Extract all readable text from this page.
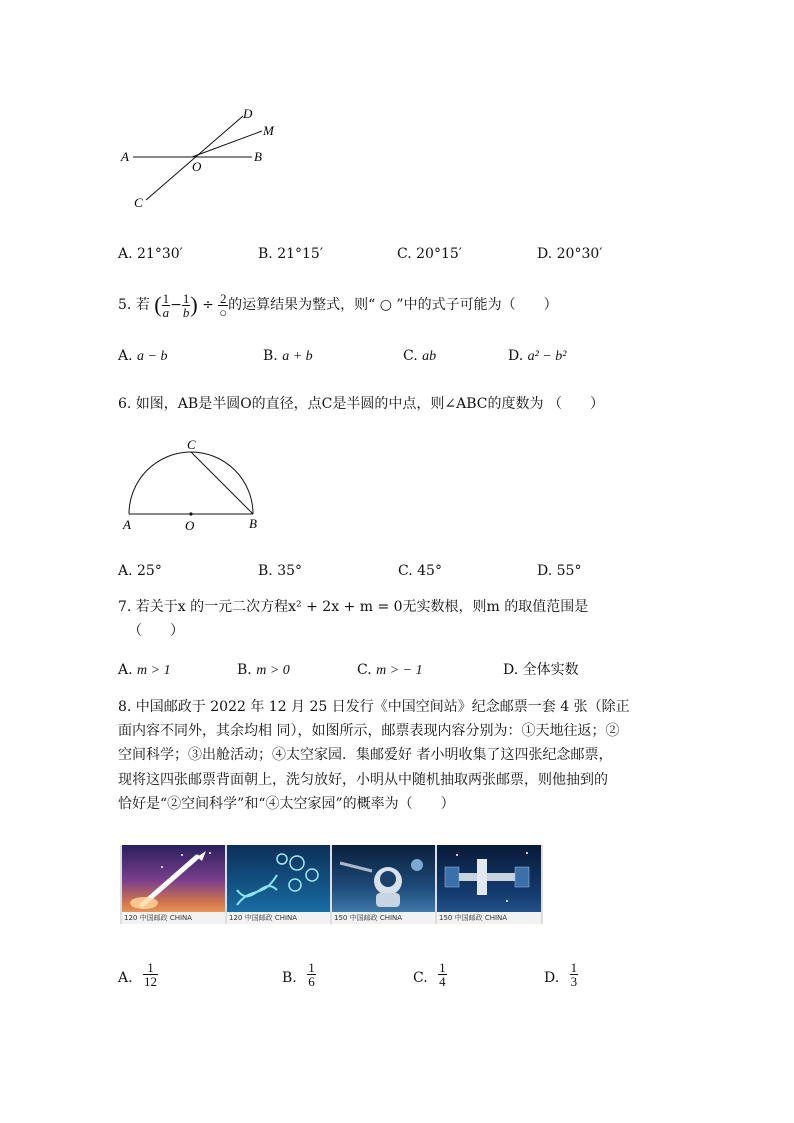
D
M
A
O
B
C
A. 21°30′	B. 21°15′	C. 20°15′	D. 20°30′
5. 若 ( $\frac{1}{a} - \frac{1}{b}$ ) ÷ $\frac{2}{○}$ 的运算结果为整式，则“ ○ ”中的式子可能为（　　）
A. a − b	B. a + b	C. ab	D. a² − b²
6. 如图，AB是半圆O的直径，点C是半圆的中点，则∠ABC的度数为 （　　）
C
A	O	B
A. 25°	B. 35°	C. 45°	D. 55°
7. 若关于x 的一元二次方程x² + 2x + m = 0无实数根，则m 的取值范围是
（　　）
A. m > 1	B. m > 0	C. m > − 1	D. 全体实数
8. 中国邮政于 2022 年 12 月 25 日发行《中国空间站》纪念邮票一套 4 张（除正
面内容不同外，其余均相 同），如图所示，邮票表现内容分别为：①天地往返；②
空间科学；③出舱活动；④太空家园．集邮爱好 者小明收集了这四张纪念邮票，
现将这四张邮票背面朝上，洗匀放好，小明从中随机抽取两张邮票，则他抽到的
恰好是“②空间科学”和“④太空家园”的概率为（　　）
120 中国邮政 CHINA	120 中国邮政 CHINA	150 中国邮政 CHINA	150 中国邮政 CHINA
A. $\frac{1}{12}$	B. $\frac{1}{6}$	C. $\frac{1}{4}$	D. $\frac{1}{3}$
